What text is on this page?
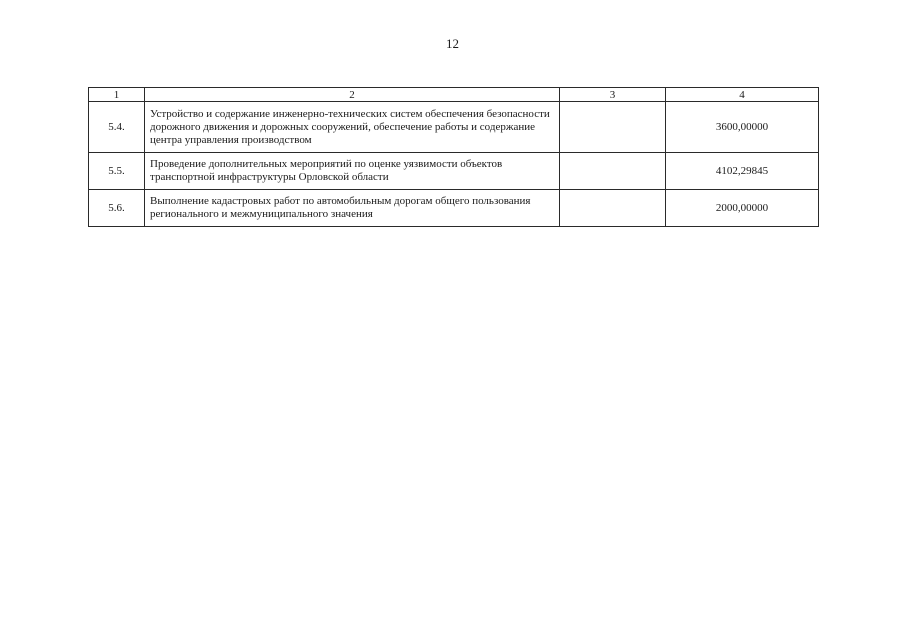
12
1	2	3	4
5.4.	Устройство и содержание инженерно-технических систем обеспечения безопасности дорожного движения и дорожных сооружений, обеспечение работы и содержание центра управления производством		3600,00000
5.5.	Проведение дополнительных мероприятий по оценке уязвимости объектов транспортной инфраструктуры Орловской области		4102,29845
5.6.	Выполнение кадастровых работ по автомобильным дорогам общего пользования регионального и межмуниципального значения		2000,00000
